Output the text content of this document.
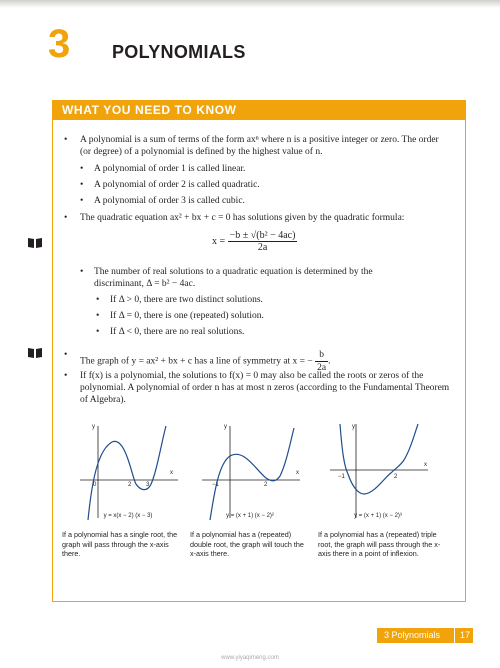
3 POLYNOMIALS
WHAT YOU NEED TO KNOW
• A polynomial is a sum of terms of the form axⁿ where n is a positive integer or zero. The order (or degree) of a polynomial is defined by the highest value of n.
• A polynomial of order 1 is called linear.
• A polynomial of order 2 is called quadratic.
• A polynomial of order 3 is called cubic.
• The quadratic equation ax² + bx + c = 0 has solutions given by the quadratic formula:
$x = \frac{\text{−b ± √(b² − 4ac)}}{2a}$
• The number of real solutions to a quadratic equation is determined by the discriminant, Δ = b² − 4ac.
• If Δ > 0, there are two distinct solutions.
• If Δ = 0, there is one (repeated) solution.
• If Δ < 0, there are no real solutions.
•
The graph of y = ax² + bx + c has a line of symmetry at x = − $\frac{b}{2a}$ .
• If f(x) is a polynomial, the solutions to f(x) = 0 may also be called the roots or zeros of the polynomial. A polynomial of order n has at most n zeros (according to the Fundamental Theorem of Algebra).
y
x
0	2 3
y = x(x − 2) (x − 3)
If a polynomial has a single root, the graph will pass through the x-axis there.
y
x
−1	2
y = (x + 1) (x − 2)²
If a polynomial has a (repeated) double root, the graph will touch the x-axis there.
y
x
−1	2
y = (x + 1) (x − 2)³
If a polynomial has a (repeated) triple root, the graph will pass through the x-axis there in a point of inflexion.
3 Polynomials 17
www.yiyaqimeng.com
